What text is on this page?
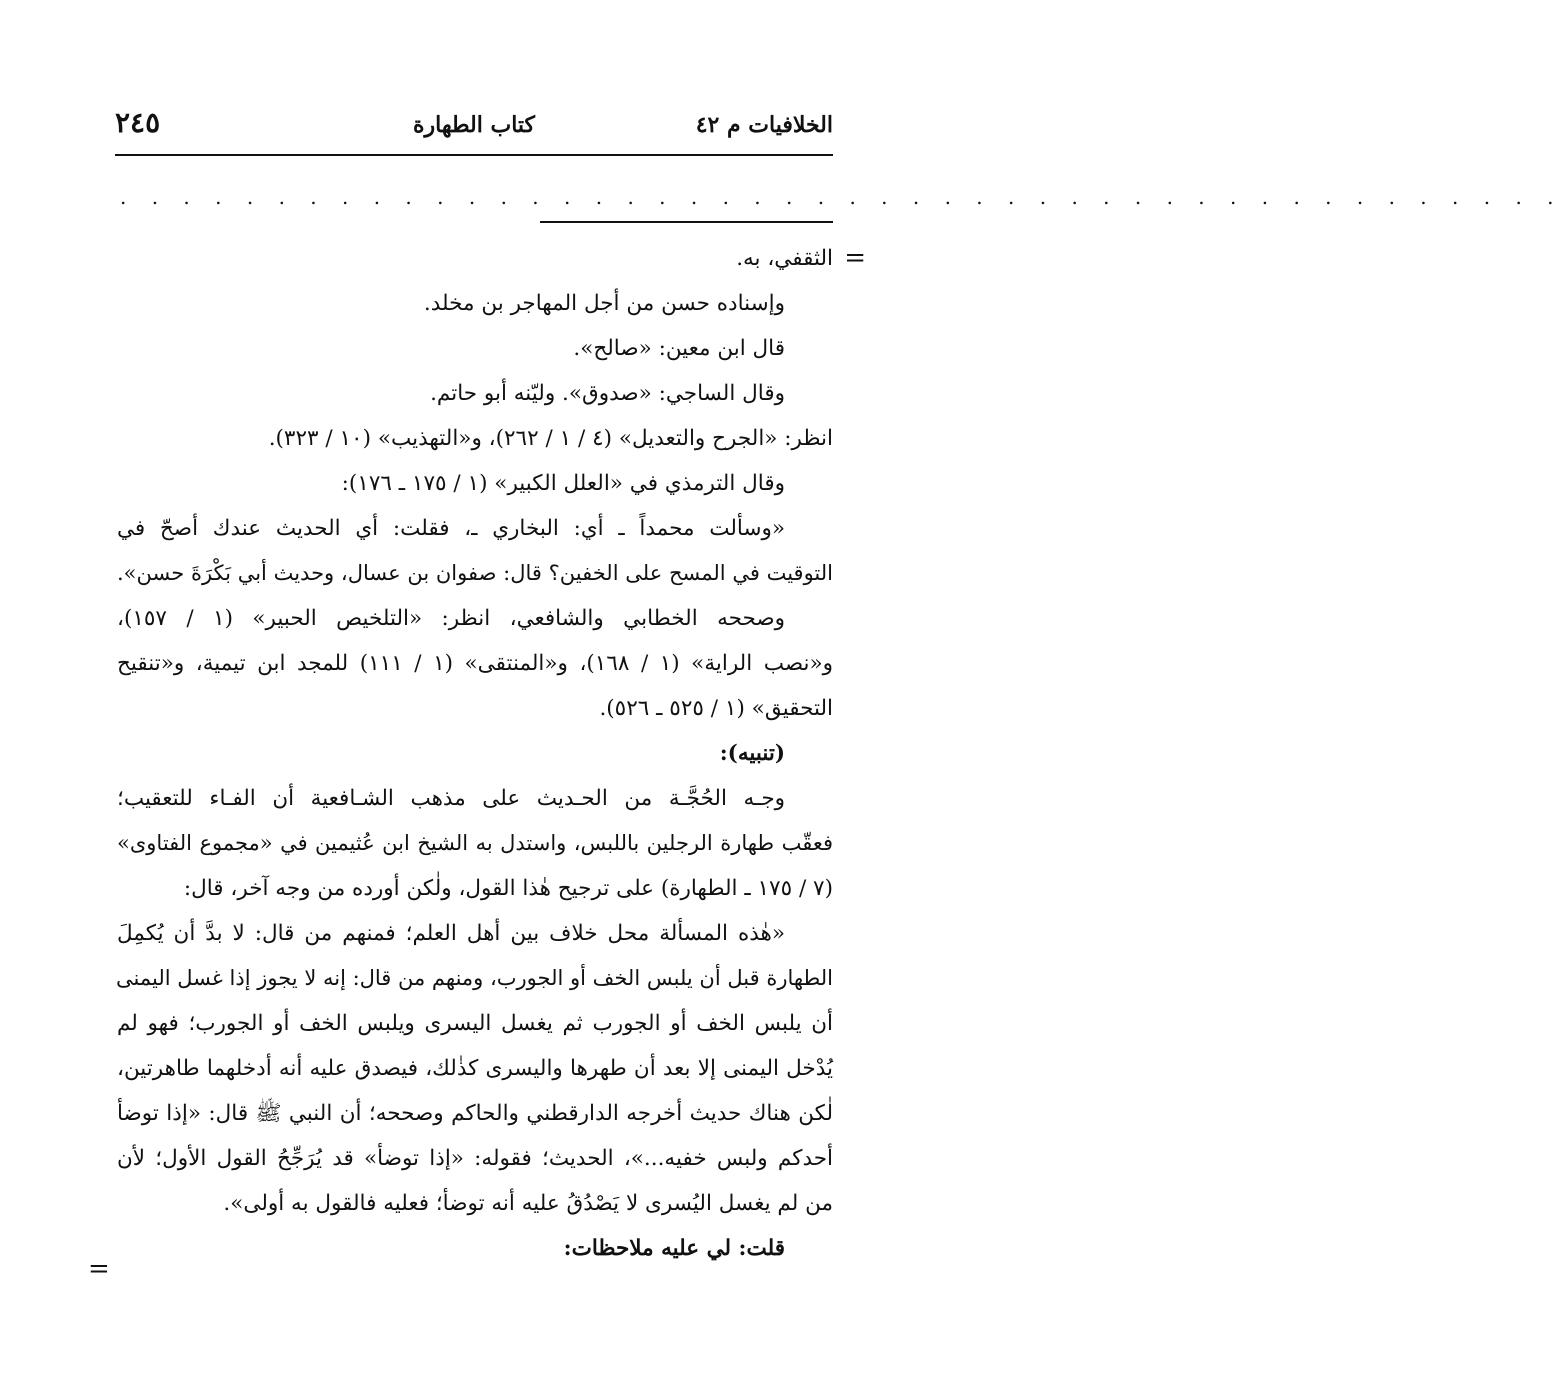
الخلافيات م ٤٢
كتاب الطهارة
٢٤٥
. . . . . . . . . . . . . . . . . . . . . . . . . . . . . . . . . . . . . . . . . . . . . .
=
الثقفي، به.
وإسناده حسن من أجل المهاجر بن مخلد.
قال ابن معين: «صالح».
وقال الساجي: «صدوق». وليّنه أبو حاتم.
انظر: «الجرح والتعديل» (٤ / ١ / ٢٦٢)، و«التهذيب» (١٠ / ٣٢٣).
وقال الترمذي في «العلل الكبير» (١ / ١٧٥ ـ ١٧٦):
«وسألت محمداً ـ أي: البخاري ـ، فقلت: أي الحديث عندك أصحّ في
التوقيت في المسح على الخفين؟ قال: صفوان بن عسال، وحديث أبي بَكْرَةَ حسن».
وصححه الخطابي والشافعي، انظر: «التلخيص الحبير» (١ / ١٥٧)،
و«نصب الراية» (١ / ١٦٨)، و«المنتقى» (١ / ١١١) للمجد ابن تيمية، و«تنقيح
التحقيق» (١ / ٥٢٥ ـ ٥٢٦).
(تنبيه):
وجـه الحُجَّـة من الحـديث على مذهب الشـافعية أن الفـاء للتعقيب؛
فعقّب طهارة الرجلين باللبس، واستدل به الشيخ ابن عُثيمين في «مجموع الفتاوى»
(٧ / ١٧٥ ـ الطهارة) على ترجيح هٰذا القول، ولٰكن أورده من وجه آخر، قال:
«هٰذه المسألة محل خلاف بين أهل العلم؛ فمنهم من قال: لا بدَّ أن يُكمِلَ
الطهارة قبل أن يلبس الخف أو الجورب، ومنهم من قال: إنه لا يجوز إذا غسل اليمنى
أن يلبس الخف أو الجورب ثم يغسل اليسرى ويلبس الخف أو الجورب؛ فهو لم
يُدْخل اليمنى إلا بعد أن طهرها واليسرى كذٰلك، فيصدق عليه أنه أدخلهما طاهرتين،
لٰكن هناك حديث أخرجه الدارقطني والحاكم وصححه؛ أن النبي ﷺ قال: «إذا توضأ
أحدكم ولبس خفيه...»، الحديث؛ فقوله: «إذا توضأ» قد يُرَجِّحُ القول الأول؛ لأن
من لم يغسل اليُسرى لا يَصْدُقُ عليه أنه توضأ؛ فعليه فالقول به أولى».
قلت: لي عليه ملاحظات:
=
